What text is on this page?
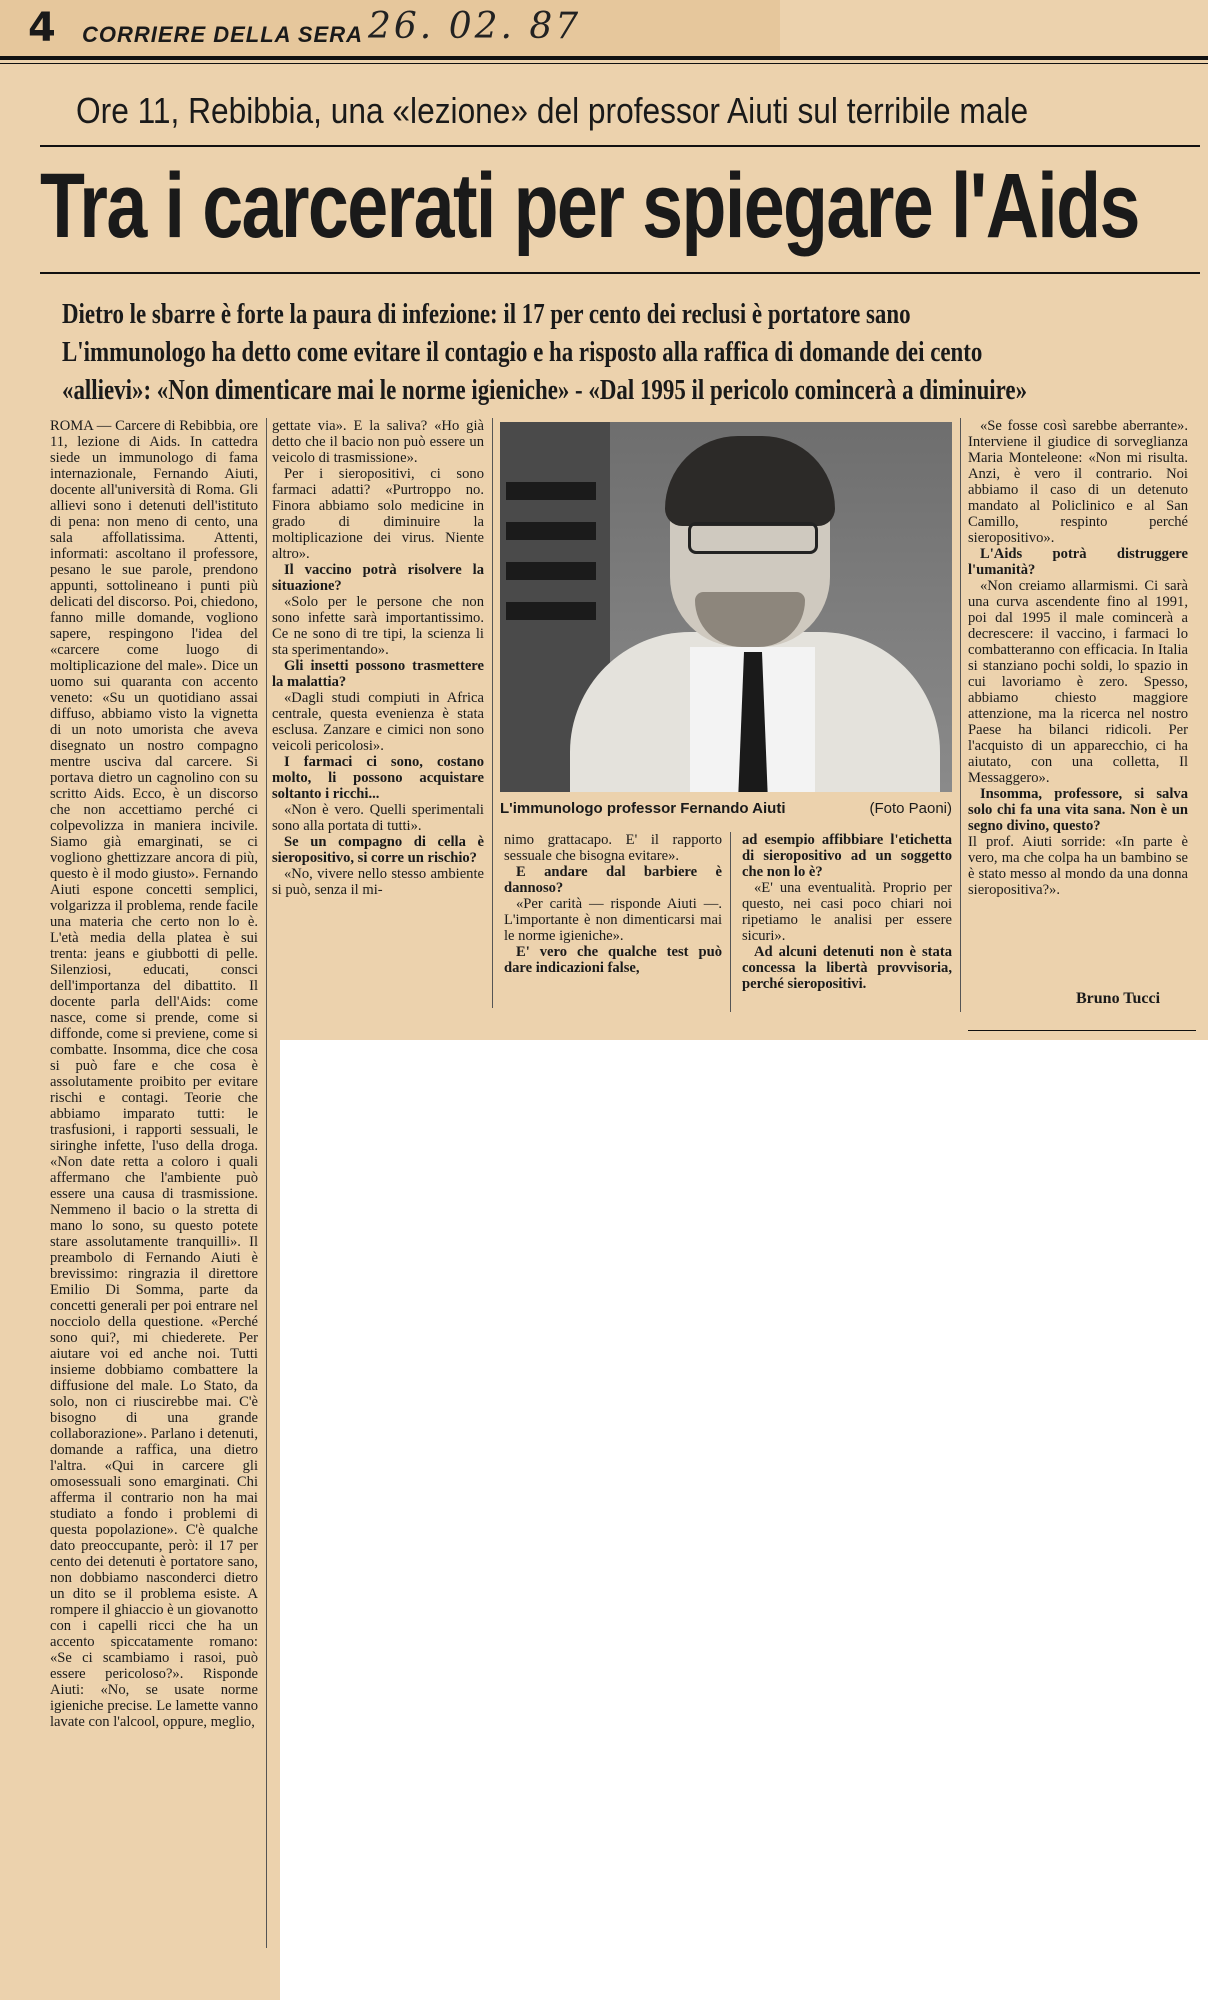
4 CORRIERE DELLA SERA 26. 02. 87
Ore 11, Rebibbia, una «lezione» del professor Aiuti sul terribile male
Tra i carcerati per spiegare l'Aids
Dietro le sbarre è forte la paura di infezione: il 17 per cento dei reclusi è portatore sano
L'immunologo ha detto come evitare il contagio e ha risposto alla raffica di domande dei cento
«allievi»: «Non dimenticare mai le norme igieniche» - «Dal 1995 il pericolo comincerà a diminuire»

ROMA — Carcere di Rebibbia, ore 11, lezione di Aids. In cattedra siede un immunologo di fama internazionale, Fernando Aiuti, docente all'università di Roma. Gli allievi sono i detenuti dell'istituto di pena: non meno di cento, una sala affollatissima. Attenti, informati: ascoltano il professore, pesano le sue parole, prendono appunti, sottolineano i punti più delicati del discorso. Poi, chiedono, fanno mille domande, vogliono sapere, respingono l'idea del «carcere come luogo di moltiplicazione del male». Dice un uomo sui quaranta con accento veneto: «Su un quotidiano assai diffuso, abbiamo visto la vignetta di un noto umorista che aveva disegnato un nostro compagno mentre usciva dal carcere. Si portava dietro un cagnolino con su scritto Aids. Ecco, è un discorso che non accettiamo perché ci colpevolizza in maniera incivile. Siamo già emarginati, se ci vogliono ghettizzare ancora di più, questo è il modo giusto». Fernando Aiuti espone concetti semplici, volgarizza il problema, rende facile una materia che certo non lo è. L'età media della platea è sui trenta: jeans e giubbotti di pelle. Silenziosi, educati, consci dell'importanza del dibattito. Il docente parla dell'Aids: come nasce, come si prende, come si diffonde, come si previene, come si combatte. Insomma, dice che cosa si può fare e che cosa è assolutamente proibito per evitare rischi e contagi. Teorie che abbiamo imparato tutti: le trasfusioni, i rapporti sessuali, le siringhe infette, l'uso della droga. «Non date retta a coloro i quali affermano che l'ambiente può essere una causa di trasmissione. Nemmeno il bacio o la stretta di mano lo sono, su questo potete stare assolutamente tranquilli». Il preambolo di Fernando Aiuti è brevissimo: ringrazia il direttore Emilio Di Somma, parte da concetti generali per poi entrare nel nocciolo della questione. «Perché sono qui?, mi chiederete. Per aiutare voi ed anche noi. Tutti insieme dobbiamo combattere la diffusione del male. Lo Stato, da solo, non ci riuscirebbe mai. C'è bisogno di una grande collaborazione». Parlano i detenuti, domande a raffica, una dietro l'altra. «Qui in carcere gli omosessuali sono emarginati. Chi afferma il contrario non ha mai studiato a fondo i problemi di questa popolazione». C'è qualche dato preoccupante, però: il 17 per cento dei detenuti è portatore sano, non dobbiamo nasconderci dietro un dito se il problema esiste. A rompere il ghiaccio è un giovanotto con i capelli ricci che ha un accento spiccatamente romano: «Se ci scambiamo i rasoi, può essere pericoloso?». Risponde Aiuti: «No, se usate norme igieniche precise. Le lamette vanno lavate con l'alcool, oppure, meglio,

gettate via». E la saliva? «Ho già detto che il bacio non può essere un veicolo di trasmissione».

Per i sieropositivi, ci sono farmaci adatti? «Purtroppo no. Finora abbiamo solo medicine in grado di diminuire la moltiplicazione dei virus. Niente altro».

Il vaccino potrà risolvere la situazione?

«Solo per le persone che non sono infette sarà importantissimo. Ce ne sono di tre tipi, la scienza li sta sperimentando».

Gli insetti possono trasmettere la malattia?

«Dagli studi compiuti in Africa centrale, questa evenienza è stata esclusa. Zanzare e cimici non sono veicoli pericolosi».

I farmaci ci sono, costano molto, li possono acquistare soltanto i ricchi...

«Non è vero. Quelli sperimentali sono alla portata di tutti».

Se un compagno di cella è sieropositivo, si corre un rischio?

«No, vivere nello stesso ambiente si può, senza il mi-

L'immunologo professor Fernando Aiuti	(Foto Paoni)

nimo grattacapo. E' il rapporto sessuale che bisogna evitare».

E andare dal barbiere è dannoso?

«Per carità — risponde Aiuti —. L'importante è non dimenticarsi mai le norme igieniche».

E' vero che qualche test può dare indicazioni false,

ad esempio affibbiare l'etichetta di sieropositivo ad un soggetto che non lo è?

«E' una eventualità. Proprio per questo, nei casi poco chiari noi ripetiamo le analisi per essere sicuri».

Ad alcuni detenuti non è stata concessa la libertà provvisoria, perché sieropositivi.

«Se fosse così sarebbe aberrante». Interviene il giudice di sorveglianza Maria Monteleone: «Non mi risulta. Anzi, è vero il contrario. Noi abbiamo il caso di un detenuto mandato al Policlinico e al San Camillo, respinto perché sieropositivo».

L'Aids potrà distruggere l'umanità?

«Non creiamo allarmismi. Ci sarà una curva ascendente fino al 1991, poi dal 1995 il male comincerà a decrescere: il vaccino, i farmaci lo combatteranno con efficacia. In Italia si stanziano pochi soldi, lo spazio in cui lavoriamo è zero. Spesso, abbiamo chiesto maggiore attenzione, ma la ricerca nel nostro Paese ha bilanci ridicoli. Per l'acquisto di un apparecchio, ci ha aiutato, con una colletta, Il Messaggero».

Insomma, professore, si salva solo chi fa una vita sana. Non è un segno divino, questo?

Il prof. Aiuti sorride: «In parte è vero, ma che colpa ha un bambino se è stato messo al mondo da una donna sieropositiva?».

Bruno Tucci
